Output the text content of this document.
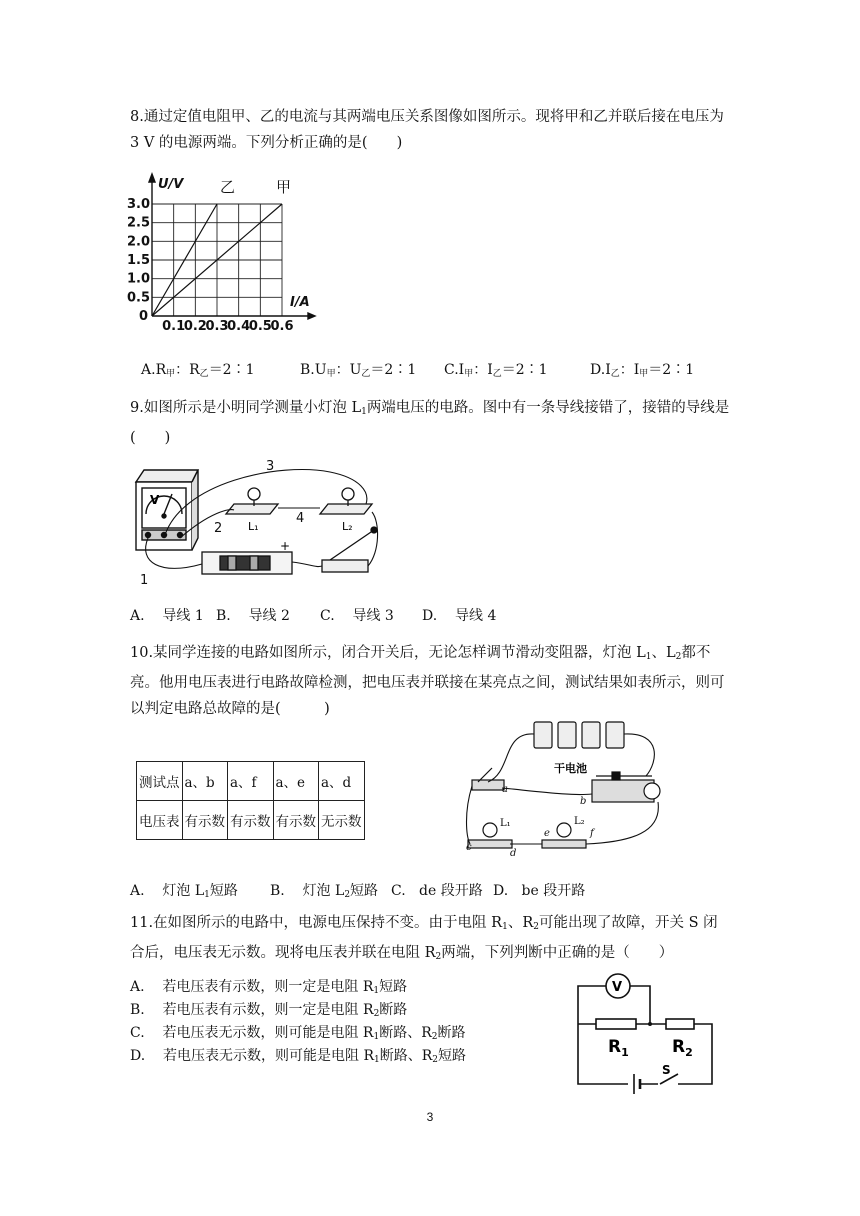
8.通过定值电阻甲、乙的电流与其两端电压关系图像如图所示。现将甲和乙并联后接在电压为 3 V 的电源两端。下列分析正确的是(　　)
U/V
I/A
乙	甲
0
3.0
2.5
2.0
1.5
1.0
0.5
0.1
0.2
0.3
0.4
0.5
0.6
$A.R_甲$：$R_乙=2∶1$	$B.U_甲$：$U_乙=2∶1$ $C.I_甲$：$I_乙=2∶1$	$D.I_乙$：$I_甲=2∶1$
9.如图所示是小明同学测量小灯泡 $L_1$两端电压的电路。图中有一条导线接错了，接错的导线是(　　)
V
+
L₁	L₂
1
2
3
4
A. 导线 1 B. 导线 2 C. 导线 3 D. 导线 4
10.某同学连接的电路如图所示，闭合开关后，无论怎样调节滑动变阻器，灯泡 $L_1$、$L_2$都不亮。他用电压表进行电路故障检测，把电压表并联接在某亮点之间，测试结果如表所示，则可以判定电路总故障的是(　　　)
测试点	a、b	a、f	a、e	a、d
电压表	有示数	有示数	有示数	无示数
干电池
a
b
c
d
e	f
L₁	L₂
A. 灯泡 $L_1$短路 B. 灯泡 $L_2$短路 C. de 段开路 D. be 段开路
11.在如图所示的电路中，电源电压保持不变。由于电阻 $R_1$、$R_2$可能出现了故障，开关 S 闭合后，电压表无示数。现将电压表并联在电阻 $R_2$两端，下列判断中正确的是（　　）
A. 若电压表有示数，则一定是电阻 $R_1$短路
B. 若电压表有示数，则一定是电阻 $R_2$断路
C. 若电压表无示数，则可能是电阻 $R_1$断路、$R_2$断路
D. 若电压表无示数，则可能是电阻 $R_1$断路、$R_2$短路
V
$R_1$	$R_2$
S
3
